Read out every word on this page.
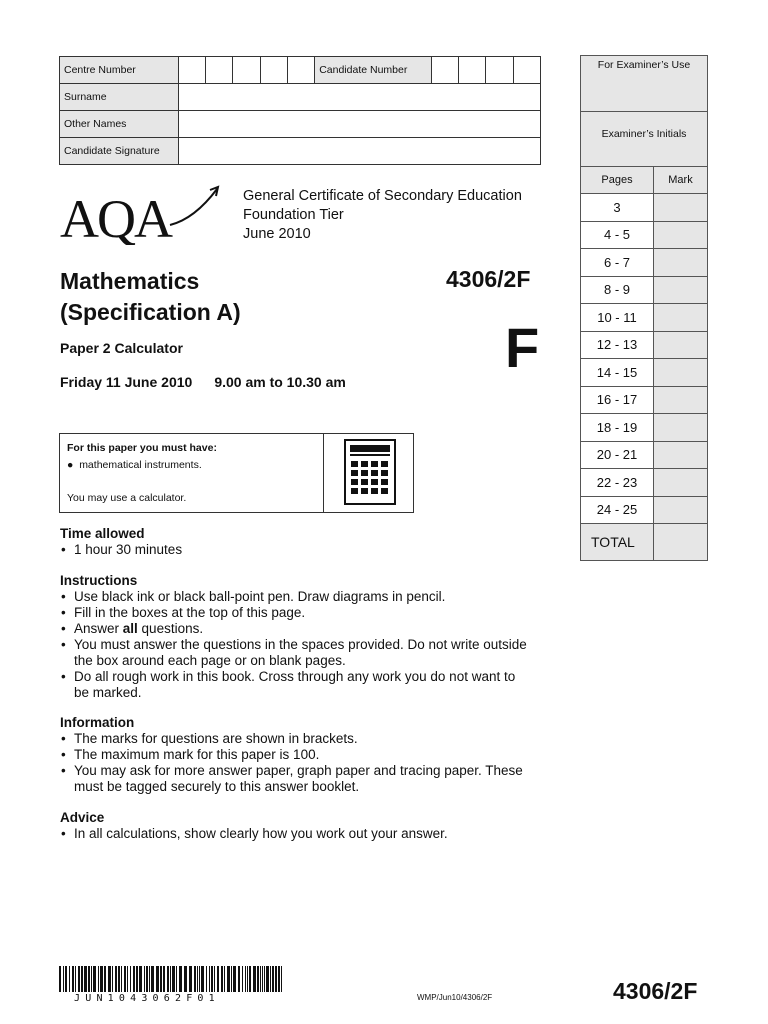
Centre Number						Candidate Number				
Surname										
Other Names										
Candidate Signature										
For Examiner’s Use
Examiner’s Initials
Pages	Mark
3	
4 - 5	
6 - 7	
8 - 9	
10 - 11	
12 - 13	
14 - 15	
16 - 17	
18 - 19	
20 - 21	
22 - 23	
24 - 25	
TOTAL	
AQA	General Certificate of Secondary Education
Foundation Tier
June 2010
Mathematics
(Specification A)
4306/2F
F
Paper 2 Calculator
Friday 11 June 2010 9.00 am to 10.30 am
For this paper you must have:
●  mathematical instruments.
You may use a calculator.
Time allowed
• 1 hour 30 minutes
Instructions
• Use black ink or black ball-point pen. Draw diagrams in pencil.
• Fill in the boxes at the top of this page.
• Answer all questions.
• You must answer the questions in the spaces provided. Do not write outside the box around each page or on blank pages.
• Do all rough work in this book. Cross through any work you do not want to be marked.
Information
• The marks for questions are shown in brackets.
• The maximum mark for this paper is 100.
• You may ask for more answer paper, graph paper and tracing paper. These must be tagged securely to this answer booklet.
Advice
• In all calculations, show clearly how you work out your answer.
JUN1043062F01	WMP/Jun10/4306/2F	4306/2F
